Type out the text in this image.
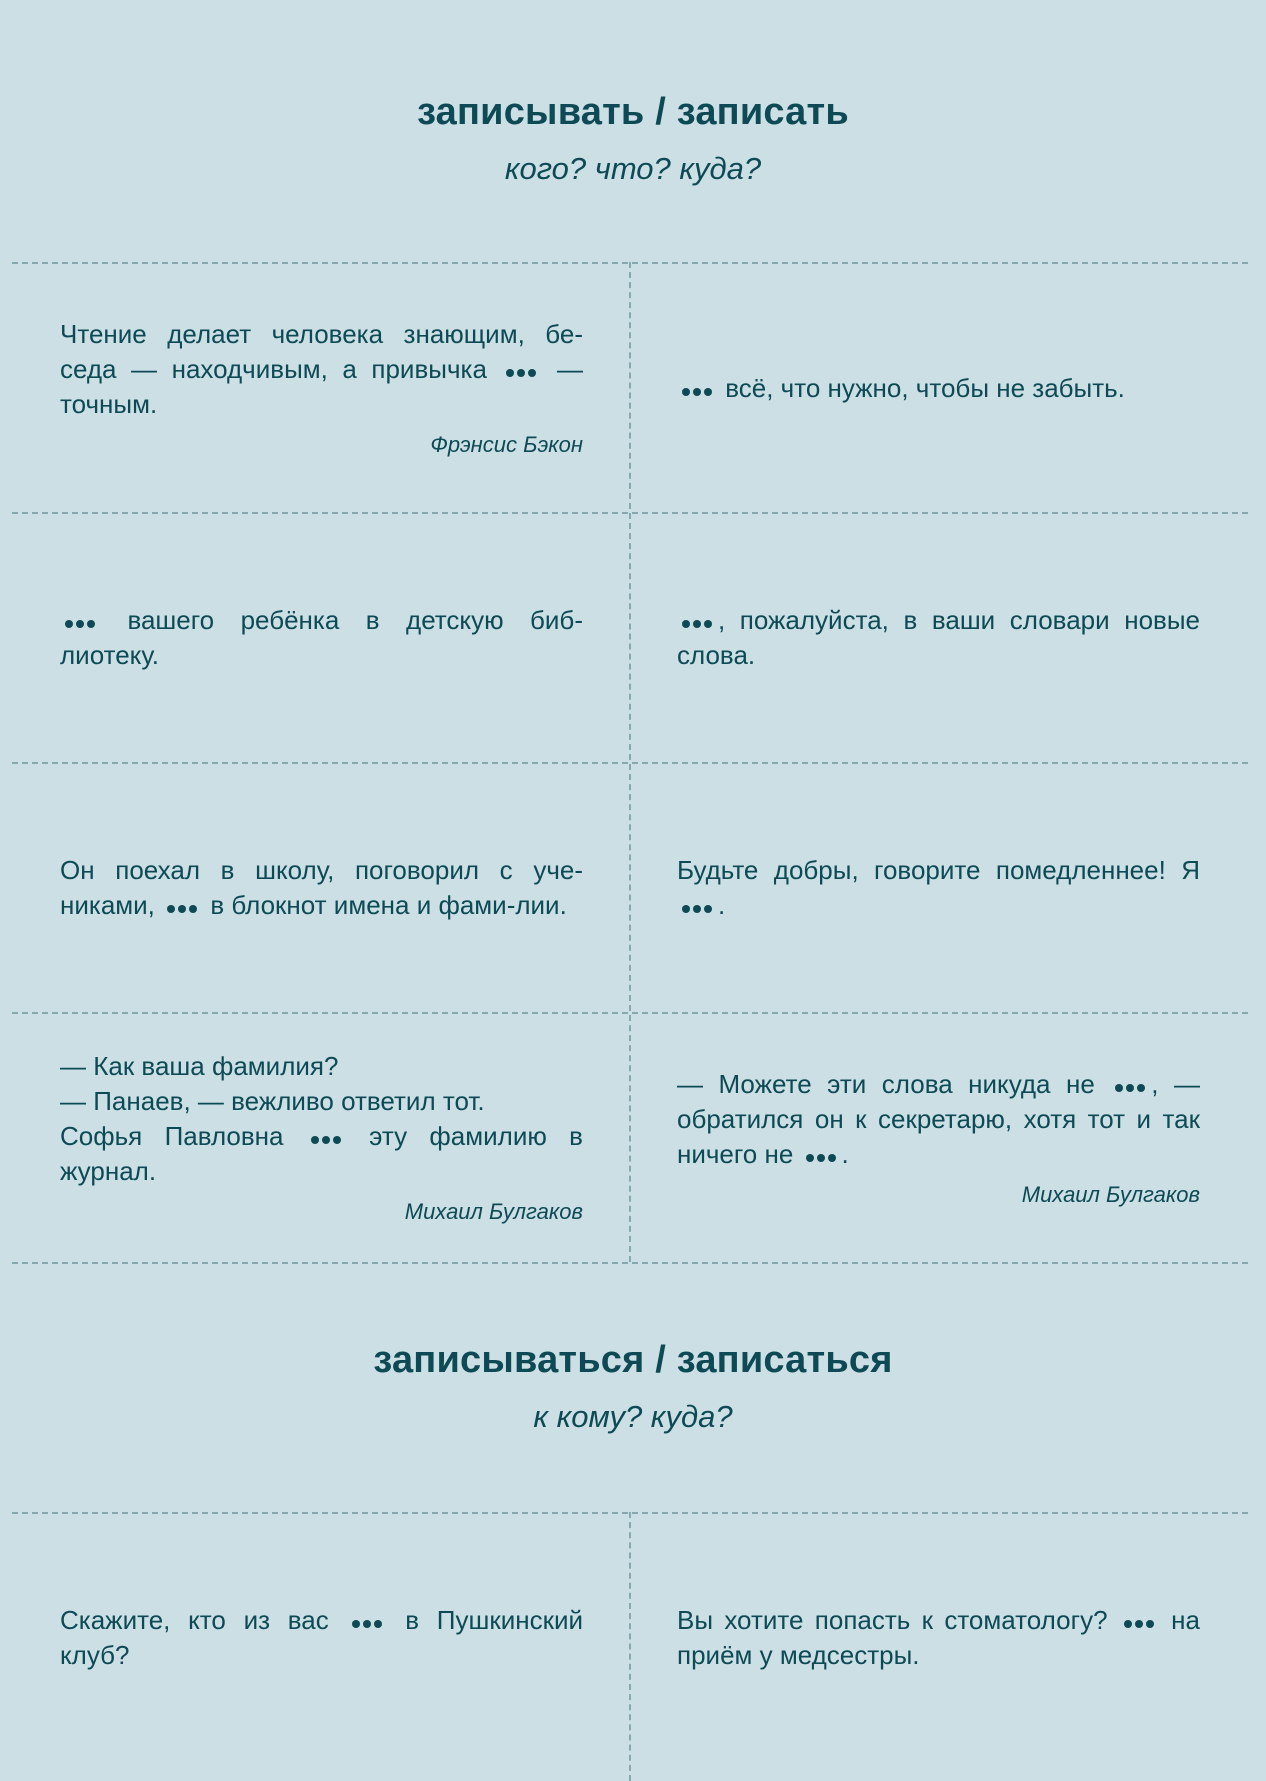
записывать / записать
кого? что? куда?
Чтение делает человека знающим, бе-седа — находчивым, а привычка  — точным.
Фрэнсис Бэкон
всё, что нужно, чтобы не забыть.
вашего ребёнка в детскую биб-лиотеку.
, пожалуйста, в ваши словари новые слова.
Он поехал в школу, поговорил с уче-никами,  в блокнот имена и фами-лии.
Будьте добры, говорите помедленнее! Я .
— Как ваша фамилия?
— Панаев, — вежливо ответил тот.
Софья Павловна  эту фамилию в журнал.
Михаил Булгаков
— Можете эти слова никуда не , — обратился он к секретарю, хотя тот и так ничего не .
Михаил Булгаков
записываться / записаться
к кому? куда?
Скажите, кто из вас  в Пушкинский клуб?
Вы хотите попасть к стоматологу?  на приём у медсестры.
